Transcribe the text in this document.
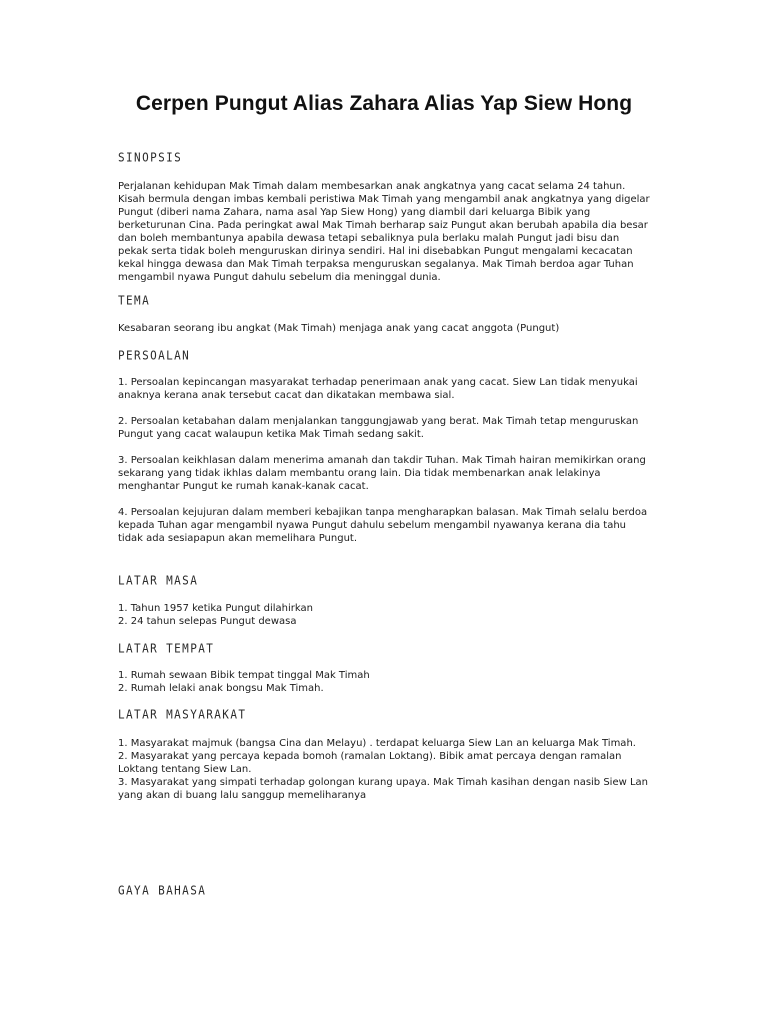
Cerpen Pungut Alias Zahara Alias Yap Siew Hong
SINOPSIS

Perjalanan kehidupan Mak Timah dalam membesarkan anak angkatnya yang cacat selama 24 tahun. Kisah bermula dengan imbas kembali peristiwa Mak Timah yang mengambil anak angkatnya yang digelar Pungut (diberi nama Zahara, nama asal Yap Siew Hong) yang diambil dari keluarga Bibik yang berketurunan Cina. Pada peringkat awal Mak Timah berharap saiz Pungut akan berubah apabila dia besar dan boleh membantunya apabila dewasa tetapi sebaliknya pula berlaku malah Pungut jadi bisu dan pekak serta tidak boleh menguruskan dirinya sendiri. Hal ini disebabkan Pungut mengalami kecacatan kekal hingga dewasa dan Mak Timah terpaksa menguruskan segalanya. Mak Timah berdoa agar Tuhan mengambil nyawa Pungut dahulu sebelum dia meninggal dunia.

TEMA

Kesabaran seorang ibu angkat (Mak Timah) menjaga anak yang cacat anggota (Pungut)

PERSOALAN

1. Persoalan kepincangan masyarakat terhadap penerimaan anak yang cacat. Siew Lan tidak menyukai anaknya kerana anak tersebut cacat dan dikatakan membawa sial.

2. Persoalan ketabahan dalam menjalankan tanggungjawab yang berat. Mak Timah tetap menguruskan Pungut yang cacat walaupun ketika Mak Timah sedang sakit.

3. Persoalan keikhlasan dalam menerima amanah dan takdir Tuhan. Mak Timah hairan memikirkan orang sekarang yang tidak ikhlas dalam membantu orang lain. Dia tidak membenarkan anak lelakinya menghantar Pungut ke rumah kanak-kanak cacat.

4. Persoalan kejujuran dalam memberi kebajikan tanpa mengharapkan balasan. Mak Timah selalu berdoa kepada Tuhan agar mengambil nyawa Pungut dahulu sebelum mengambil nyawanya kerana dia tahu tidak ada sesiapapun akan memelihara Pungut.

LATAR MASA
1. Tahun 1957 ketika Pungut dilahirkan
2. 24 tahun selepas Pungut dewasa
LATAR TEMPAT
1. Rumah sewaan Bibik tempat tinggal Mak Timah
2. Rumah lelaki anak bongsu Mak Timah.
LATAR MASYARAKAT
1. Masyarakat majmuk (bangsa Cina dan Melayu) . terdapat keluarga Siew Lan an keluarga Mak Timah.
2. Masyarakat yang percaya kepada bomoh (ramalan Loktang). Bibik amat percaya dengan ramalan Loktang tentang Siew Lan.
3. Masyarakat yang simpati terhadap golongan kurang upaya. Mak Timah kasihan dengan nasib Siew Lan yang akan di buang lalu sanggup memeliharanya
GAYA BAHASA
